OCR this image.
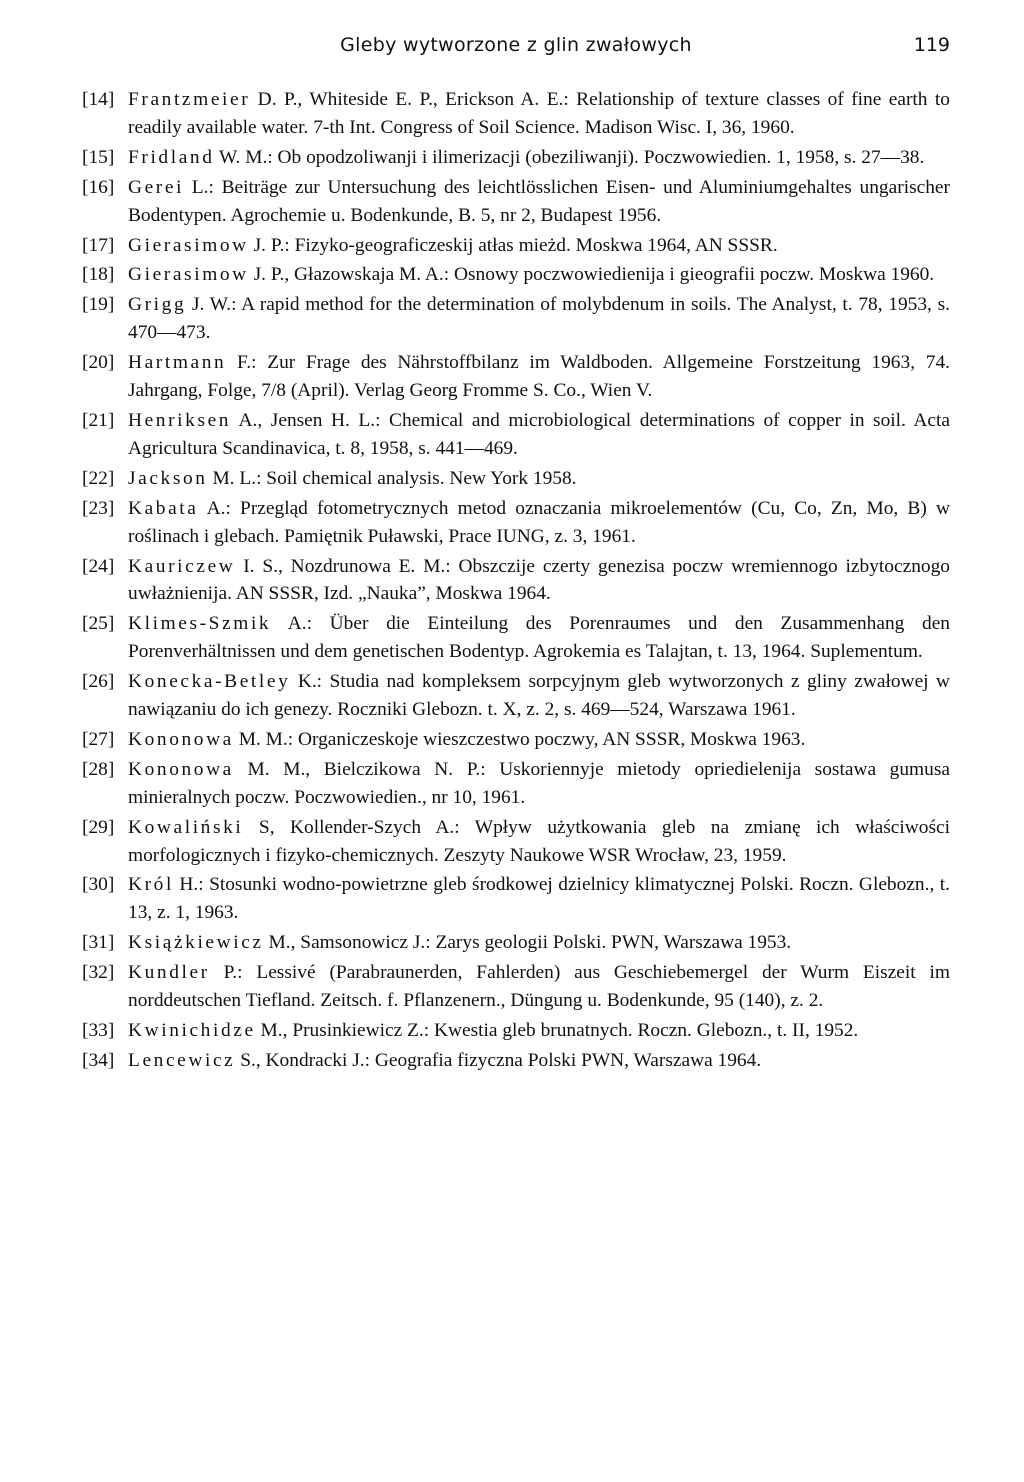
Gleby wytworzone z glin zwałowych	119
[14] Frantzmeier D. P., Whiteside E. P., Erickson A. E.: Relationship of texture classes of fine earth to readily available water. 7-th Int. Congress of Soil Science. Madison Wisc. I, 36, 1960.
[15] Fridland W. M.: Ob opodzoliwanji i ilimerizacji (obeziliwanji). Poczwowiedien. 1, 1958, s. 27—38.
[16] Gerei L.: Beiträge zur Untersuchung des leichtlösslichen Eisen- und Aluminiumgehaltes ungarischer Bodentypen. Agrochemie u. Bodenkunde, B. 5, nr 2, Budapest 1956.
[17] Gierasimow J. P.: Fizyko-geograficzeskij atłas mieżd. Moskwa 1964, AN SSSR.
[18] Gierasimow J. P., Głazowskaja M. A.: Osnowy poczwowiedienija i gieografii poczw. Moskwa 1960.
[19] Grigg J. W.: A rapid method for the determination of molybdenum in soils. The Analyst, t. 78, 1953, s. 470—473.
[20] Hartmann F.: Zur Frage des Nährstoffbilanz im Waldboden. Allgemeine Forstzeitung 1963, 74. Jahrgang, Folge, 7/8 (April). Verlag Georg Fromme S. Co., Wien V.
[21] Henriksen A., Jensen H. L.: Chemical and microbiological determinations of copper in soil. Acta Agricultura Scandinavica, t. 8, 1958, s. 441—469.
[22] Jackson M. L.: Soil chemical analysis. New York 1958.
[23] Kabata A.: Przegląd fotometrycznych metod oznaczania mikroelementów (Cu, Co, Zn, Mo, B) w roślinach i glebach. Pamiętnik Puławski, Prace IUNG, z. 3, 1961.
[24] Kauriczew I. S., Nozdrunowa E. M.: Obszczije czerty genezisa poczw wremiennogo izbytocznogo uwłażnienija. AN SSSR, Izd. „Nauka”, Moskwa 1964.
[25] Klimes-Szmik A.: Über die Einteilung des Porenraumes und den Zusammenhang den Porenverhältnissen und dem genetischen Bodentyp. Agrokemia es Talajtan, t. 13, 1964. Suplementum.
[26] Konecka-Betley K.: Studia nad kompleksem sorpcyjnym gleb wytworzonych z gliny zwałowej w nawiązaniu do ich genezy. Roczniki Glebozn. t. X, z. 2, s. 469—524, Warszawa 1961.
[27] Kononowa M. M.: Organiczeskoje wieszczestwo poczwy, AN SSSR, Moskwa 1963.
[28] Kononowa M. M., Bielczikowa N. P.: Uskoriennyje mietody opriedielenija sostawa gumusa minieralnych poczw. Poczwowiedien., nr 10, 1961.
[29] Kowaliński S, Kollender-Szych A.: Wpływ użytkowania gleb na zmianę ich właściwości morfologicznych i fizyko-chemicznych. Zeszyty Naukowe WSR Wrocław, 23, 1959.
[30] Król H.: Stosunki wodno-powietrzne gleb środkowej dzielnicy klimatycznej Polski. Roczn. Glebozn., t. 13, z. 1, 1963.
[31] Książkiewicz M., Samsonowicz J.: Zarys geologii Polski. PWN, Warszawa 1953.
[32] Kundler P.: Lessivé (Parabraunerden, Fahlerden) aus Geschiebemergel der Wurm Eiszeit im norddeutschen Tiefland. Zeitsch. f. Pflanzenern., Düngung u. Bodenkunde, 95 (140), z. 2.
[33] Kwinichidze M., Prusinkiewicz Z.: Kwestia gleb brunatnych. Roczn. Glebozn., t. II, 1952.
[34] Lencewicz S., Kondracki J.: Geografia fizyczna Polski PWN, Warszawa 1964.
